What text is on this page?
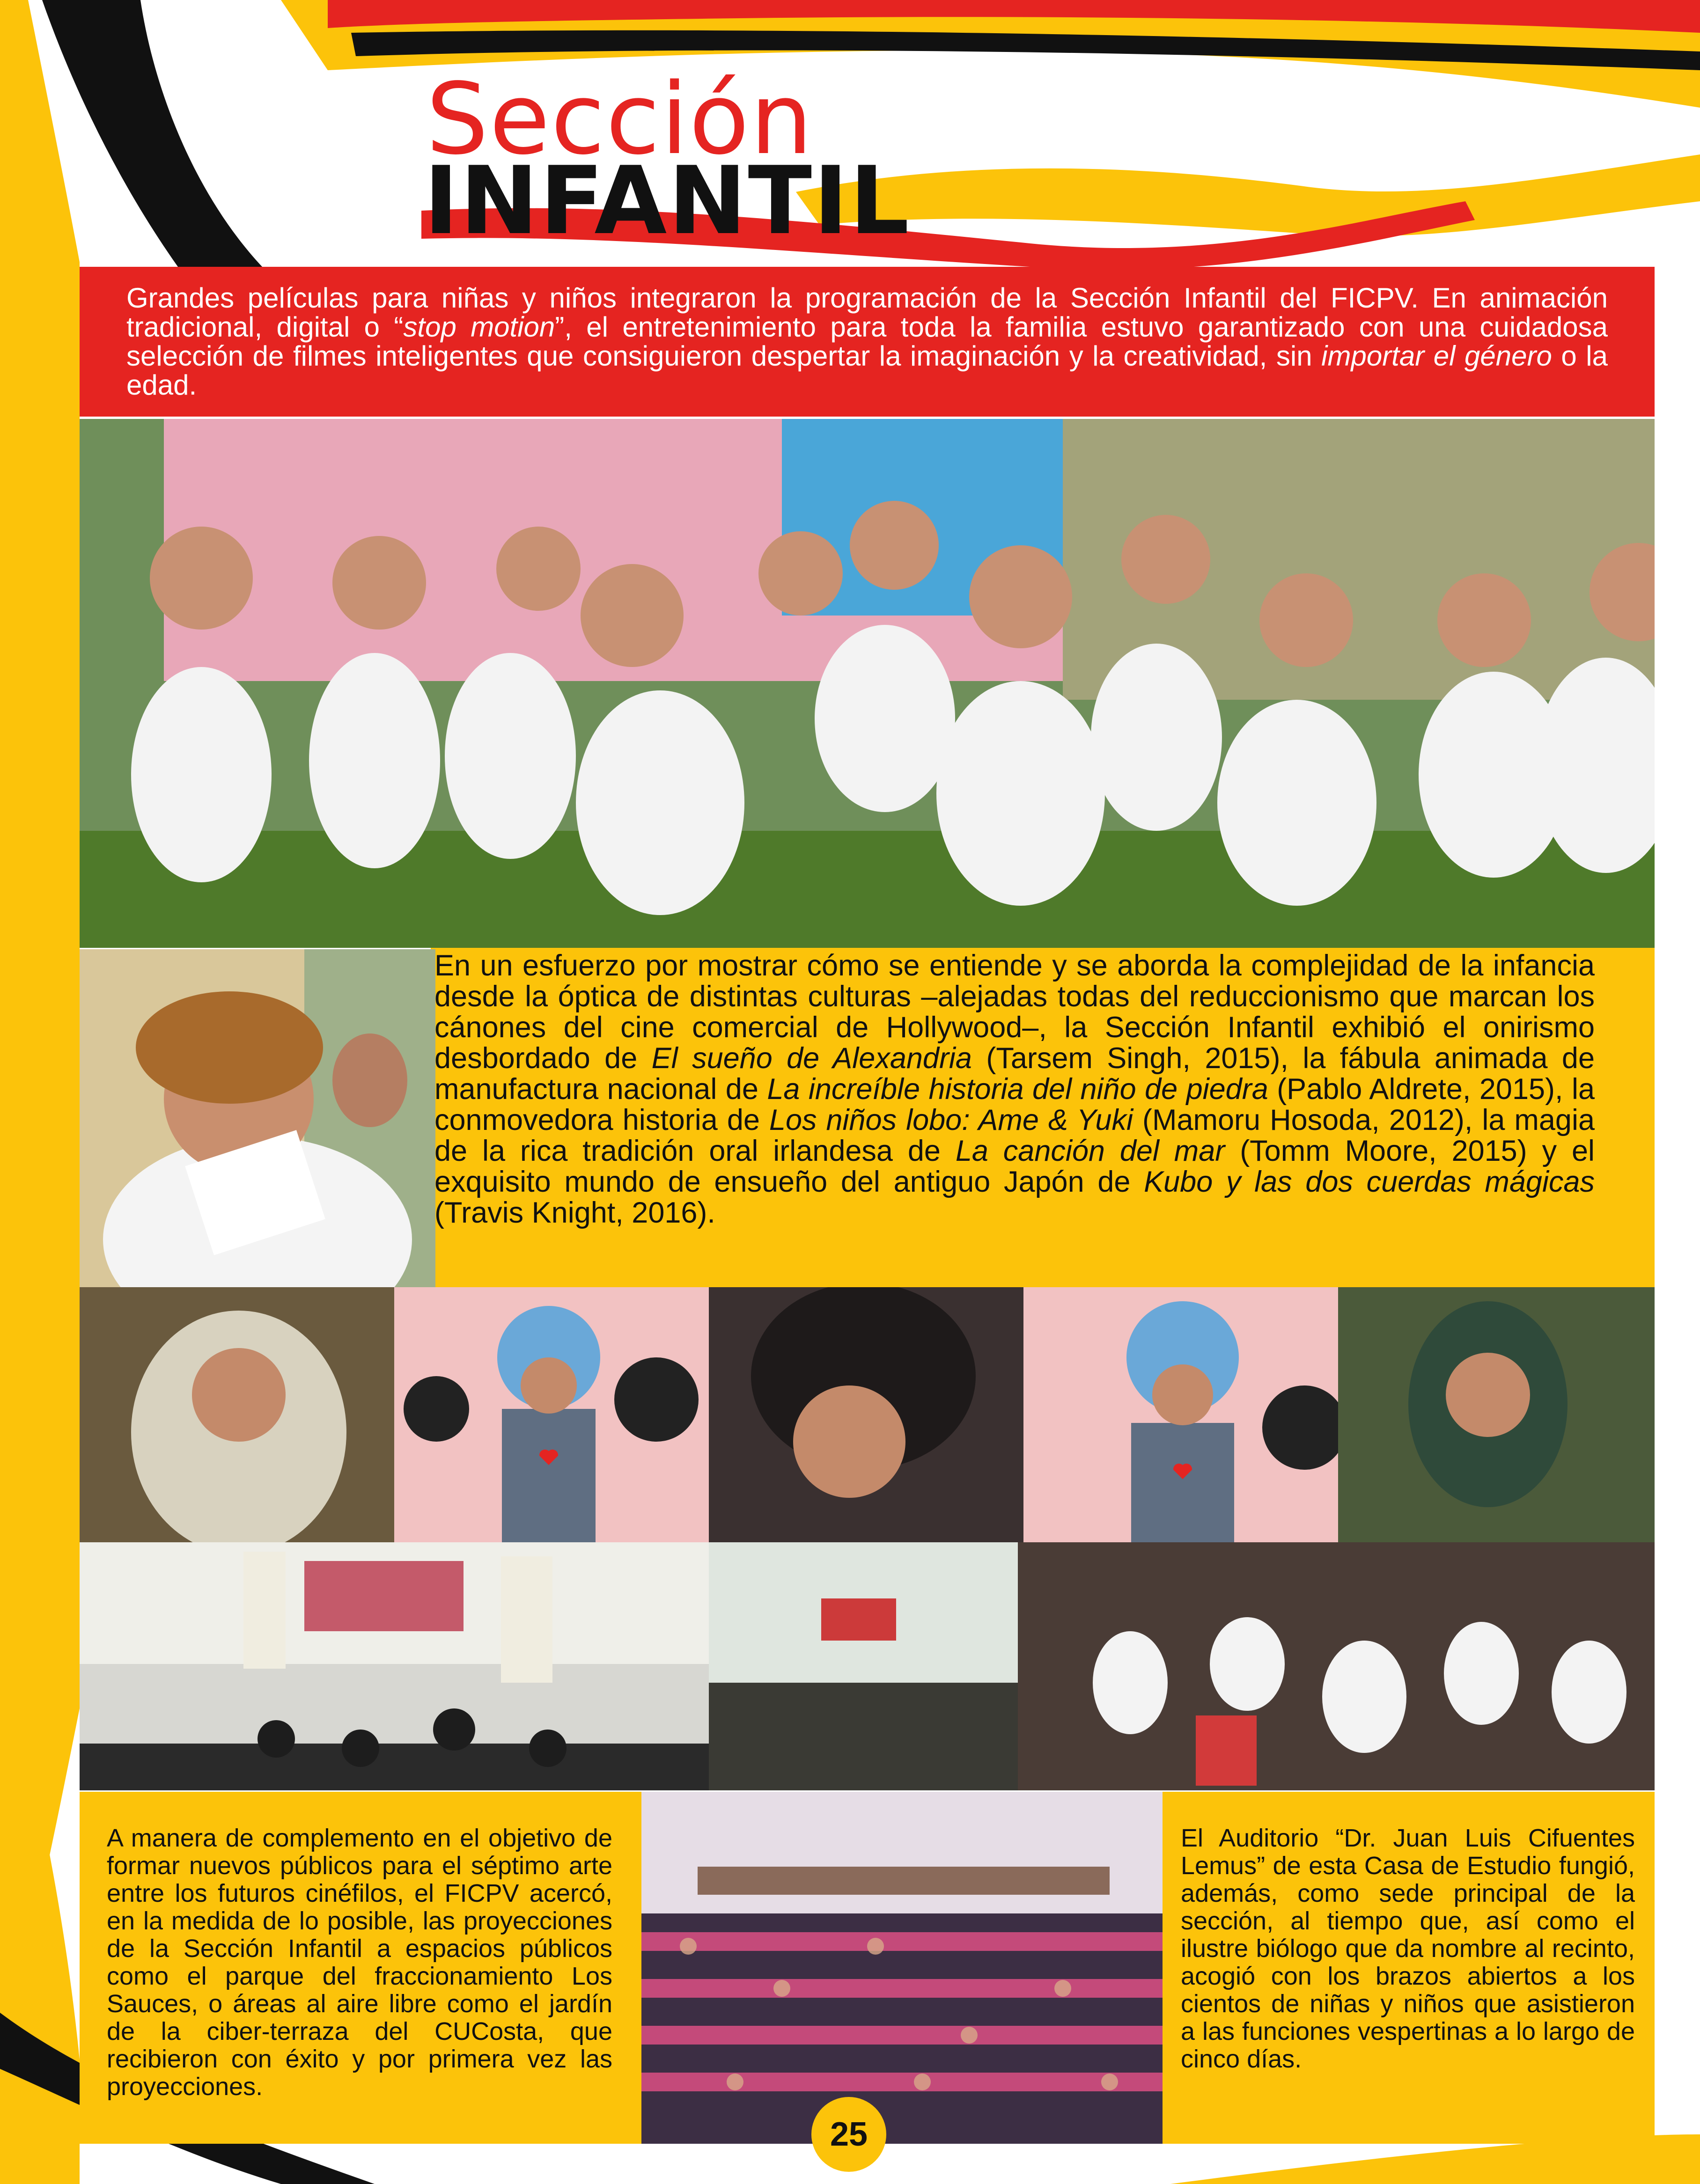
Sección
INFANTIL
Grandes películas para niñas y niños integraron la programación de la Sección Infantil del FICPV. En animación tradicional, digital o “stop motion”, el entretenimiento para toda la familia estuvo garantizado con una cuidadosa selección de filmes inteligentes que consiguieron despertar la imaginación y la creatividad, sin importar el género o la edad.
En un esfuerzo por mostrar cómo se entiende y se aborda la complejidad de la infancia desde la óptica de distintas culturas –alejadas todas del reduccionismo que marcan los cánones del cine comercial de Hollywood–, la Sección Infantil exhibió el onirismo desbordado de El sueño de Alexandria (Tarsem Singh, 2015), la fábula animada de manufactura nacional de La increíble historia del niño de piedra (Pablo Aldrete, 2015), la conmovedora historia de Los niños lobo: Ame & Yuki (Mamoru Hosoda, 2012), la magia de la rica tradición oral irlandesa de La canción del mar (Tomm Moore, 2015) y el exquisito mundo de ensueño del antiguo Japón de Kubo y las dos cuerdas mágicas (Travis Knight, 2016).
A manera de complemento en el objetivo de formar nuevos públicos para el séptimo arte entre los futuros cinéfilos, el FICPV acercó, en la medida de lo posible, las proyecciones de la Sección Infantil a espacios públicos como el parque del fraccionamiento Los Sauces, o áreas al aire libre como el jardín de la ciber-terraza del CUCosta, que recibieron con éxito y por primera vez las proyecciones.
El Auditorio “Dr. Juan Luis Cifuentes Lemus” de esta Casa de Estudio fungió, además, como sede principal de la sección, al tiempo que, así como el ilustre biólogo que da nombre al recinto, acogió con los brazos abiertos a los cientos de niñas y niños que asistieron a las funciones vespertinas a lo largo de cinco días.
25
